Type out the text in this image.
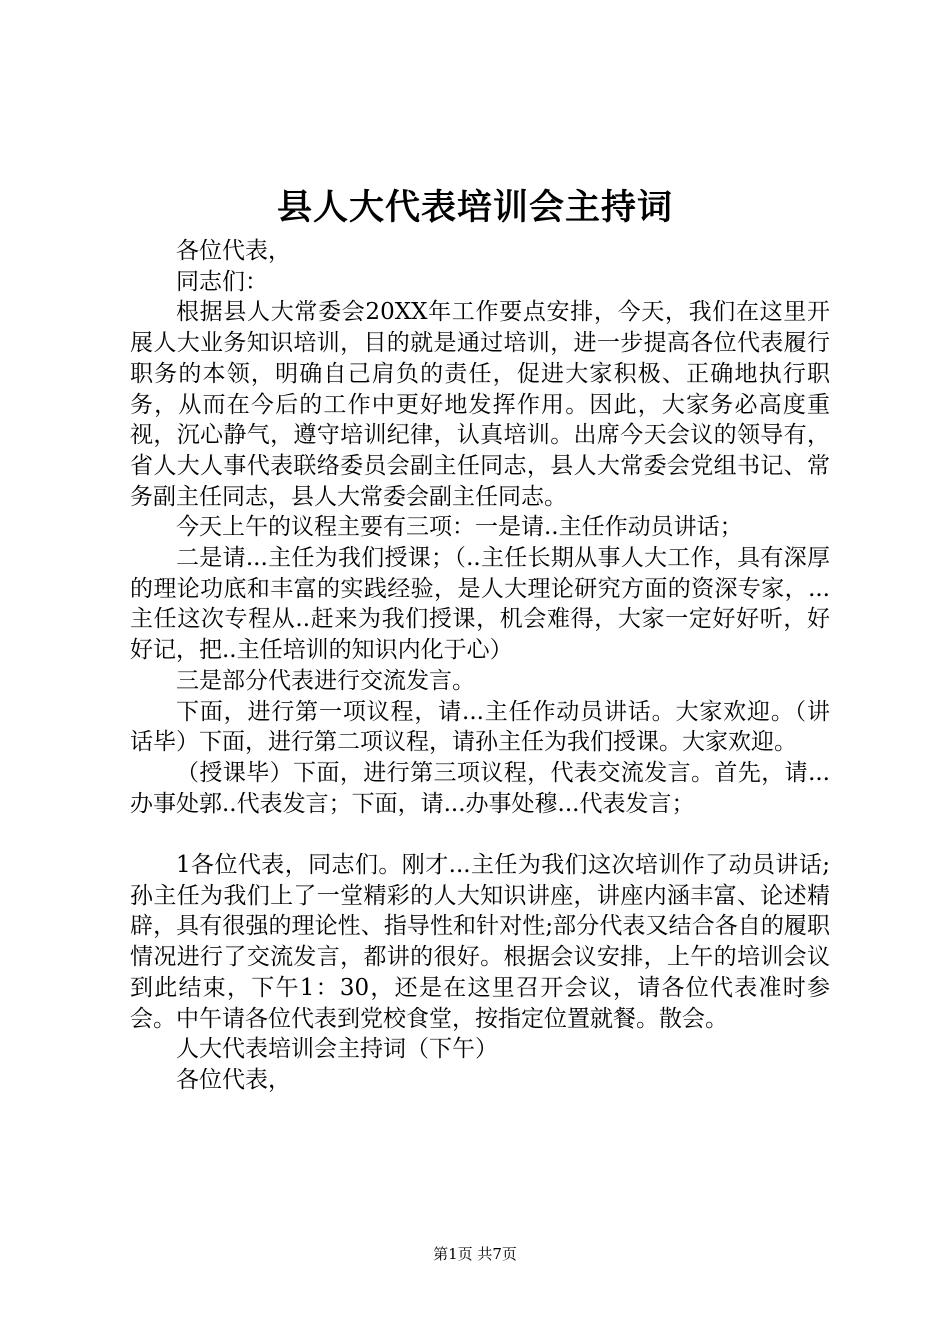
县人大代表培训会主持词

各位代表，

同志们：

根据县人大常委会20XX年工作要点安排，今天，我们在这里开展人大业务知识培训，目的就是通过培训，进一步提高各位代表履行职务的本领，明确自己肩负的责任，促进大家积极、正确地执行职务，从而在今后的工作中更好地发挥作用。因此，大家务必高度重视，沉心静气，遵守培训纪律，认真培训。出席今天会议的领导有，省人大人事代表联络委员会副主任同志，县人大常委会党组书记、常务副主任同志，县人大常委会副主任同志。

今天上午的议程主要有三项：一是请..主任作动员讲话；

二是请...主任为我们授课；（..主任长期从事人大工作，具有深厚的理论功底和丰富的实践经验，是人大理论研究方面的资深专家，...主任这次专程从..赶来为我们授课，机会难得，大家一定好好听，好好记，把..主任培训的知识内化于心）

三是部分代表进行交流发言。

下面，进行第一项议程，请...主任作动员讲话。大家欢迎。（讲话毕）下面，进行第二项议程，请孙主任为我们授课。大家欢迎。

（授课毕）下面，进行第三项议程，代表交流发言。首先，请...办事处郭..代表发言；下面，请...办事处穆...代表发言；

1各位代表，同志们。刚才...主任为我们这次培训作了动员讲话;孙主任为我们上了一堂精彩的人大知识讲座，讲座内涵丰富、论述精辟，具有很强的理论性、指导性和针对性;部分代表又结合各自的履职情况进行了交流发言，都讲的很好。根据会议安排，上午的培训会议到此结束，下午1：30，还是在这里召开会议，请各位代表准时参会。中午请各位代表到党校食堂，按指定位置就餐。散会。

人大代表培训会主持词（下午）

各位代表，

第1页 共7页
